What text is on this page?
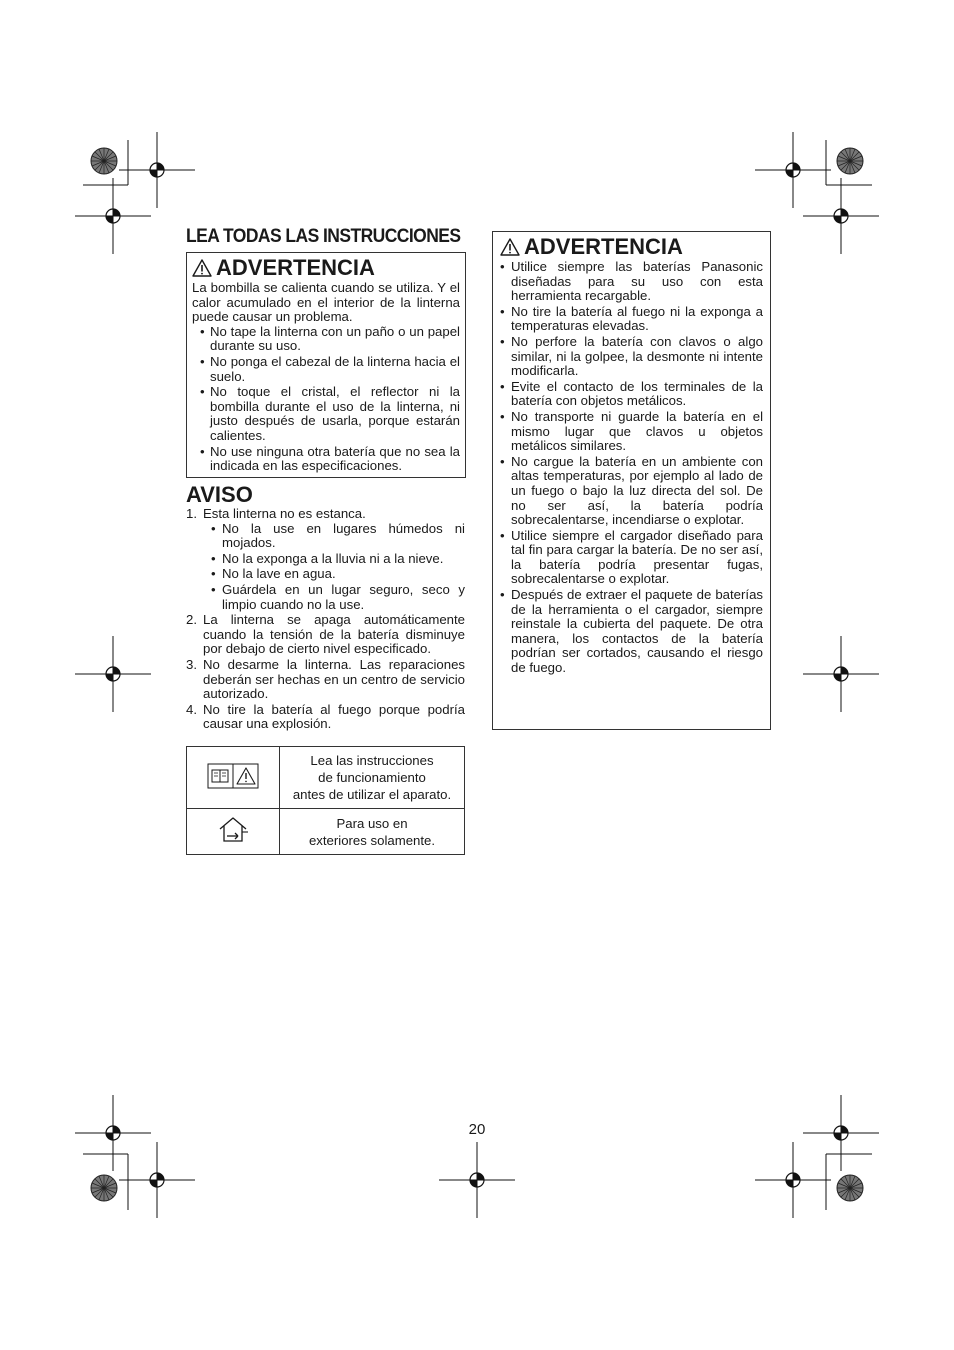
LEA TODAS LAS INSTRUCCIONES
ADVERTENCIA
La bombilla se calienta cuando se utiliza. Y el calor acumulado en el interior de la linterna puede causar un problema.
• No tape la linterna con un paño o un papel durante su uso.
• No ponga el cabezal de la linterna hacia el suelo.
• No toque el cristal, el reflector ni la bombilla durante el uso de la linterna, ni justo después de usarla, porque estarán calientes.
• No use ninguna otra batería que no sea la indicada en las especificaciones.
AVISO
1. Esta linterna no es estanca.
• No la use en lugares húmedos ni mojados.
• No la exponga a la lluvia ni a la nieve.
• No la lave en agua.
• Guárdela en un lugar seguro, seco y limpio cuando no la use.
2. La linterna se apaga automáticamente cuando la tensión de la batería disminuye por debajo de cierto nivel especificado.
3. No desarme la linterna. Las reparaciones deberán ser hechas en un centro de servicio autorizado.
4. No tire la batería al fuego porque podría causar una explosión.

Lea las instrucciones
de funcionamiento
antes de utilizar el aparato.

Para uso en
exteriores solamente.
ADVERTENCIA
• Utilice siempre las baterías Panasonic diseñadas para su uso con esta herramienta recargable.
• No tire la batería al fuego ni la exponga a temperaturas elevadas.
• No perfore la batería con clavos o algo similar, ni la golpee, la desmonte ni intente modificarla.
• Evite el contacto de los terminales de la batería con objetos metálicos.
• No transporte ni guarde la batería en el mismo lugar que clavos u objetos metálicos similares.
• No cargue la batería en un ambiente con altas temperaturas, por ejemplo al lado de un fuego o bajo la luz directa del sol. De no ser así, la batería podría sobrecalentarse, incendiarse o explotar.
• Utilice siempre el cargador diseñado para tal fin para cargar la batería. De no ser así, la batería podría presentar fugas, sobrecalentarse o explotar.
• Después de extraer el paquete de baterías de la herramienta o el cargador, siempre reinstale la cubierta del paquete. De otra manera, los contactos de la batería podrían ser cortados, causando el riesgo de fuego.
20
